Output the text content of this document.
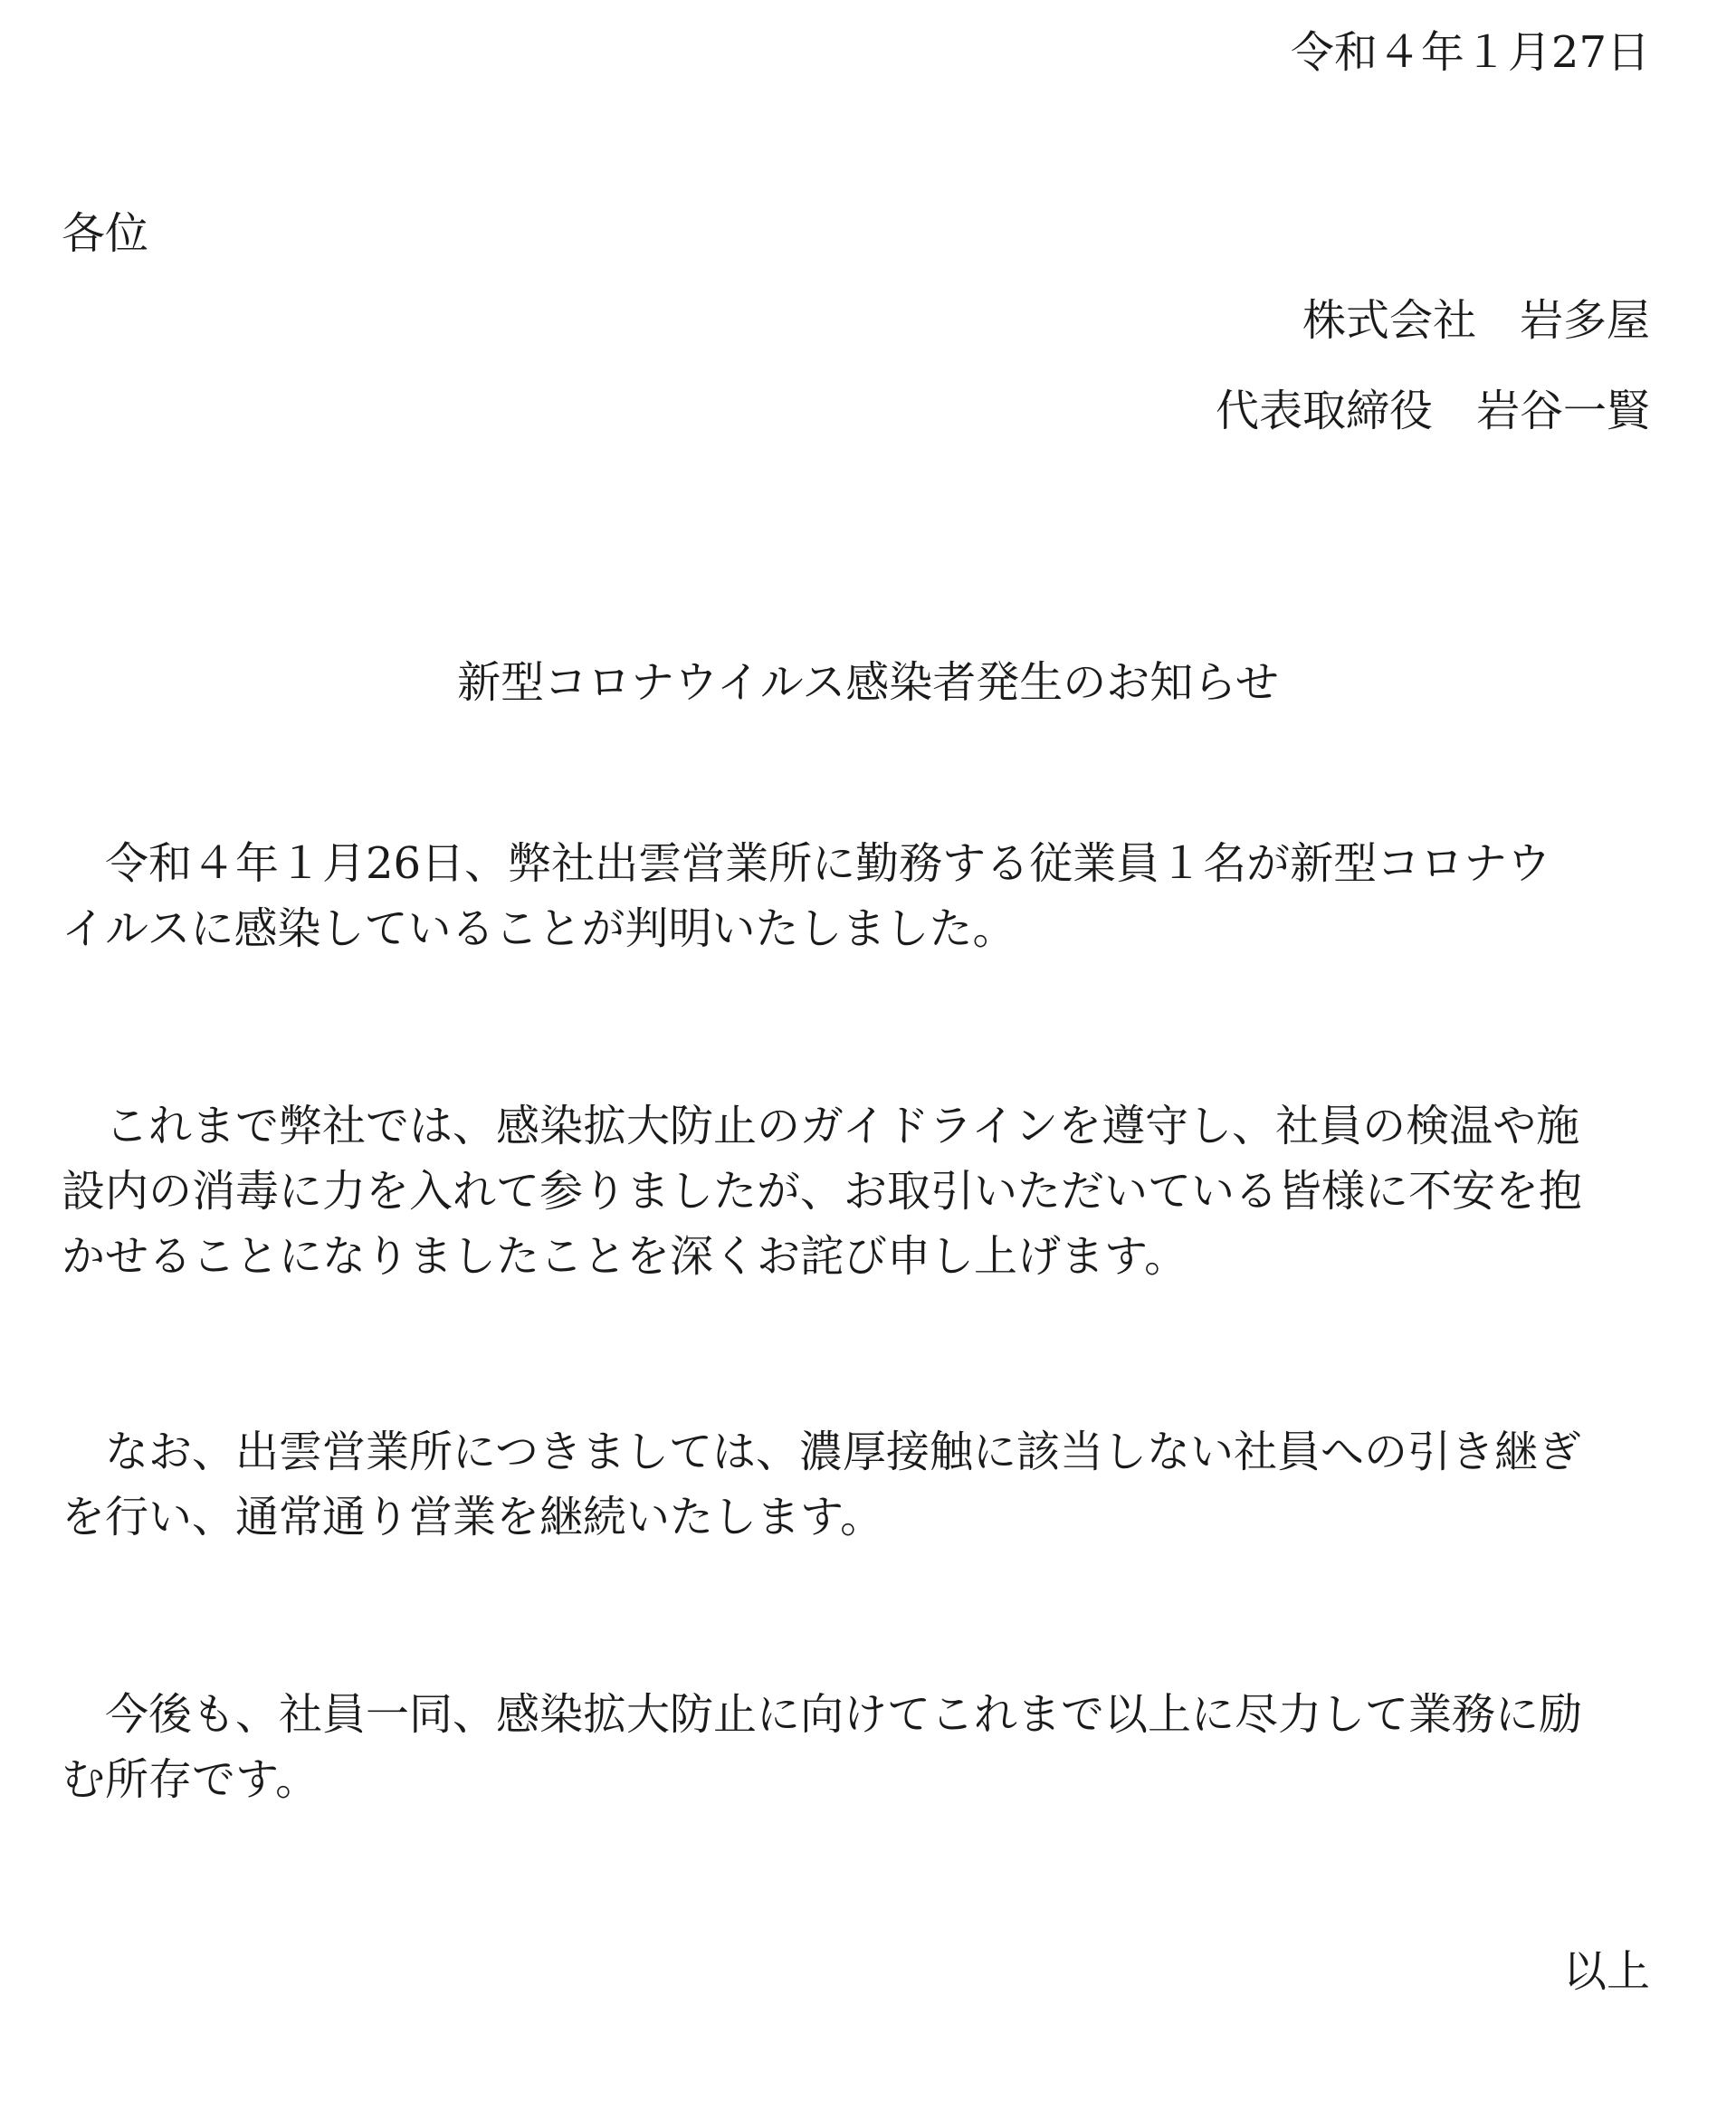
令和４年１月27日

各位

株式会社　岩多屋

代表取締役　岩谷一賢

新型コロナウイルス感染者発生のお知らせ

令和４年１月26日、弊社出雲営業所に勤務する従業員１名が新型コロナウ
イルスに感染していることが判明いたしました。
これまで弊社では、感染拡大防止のガイドラインを遵守し、社員の検温や施
設内の消毒に力を入れて参りましたが、お取引いただいている皆様に不安を抱
かせることになりましたことを深くお詫び申し上げます。
なお、出雲営業所につきましては、濃厚接触に該当しない社員への引き継ぎ
を行い、通常通り営業を継続いたします。
今後も、社員一同、感染拡大防止に向けてこれまで以上に尽力して業務に励
む所存です。

以上
